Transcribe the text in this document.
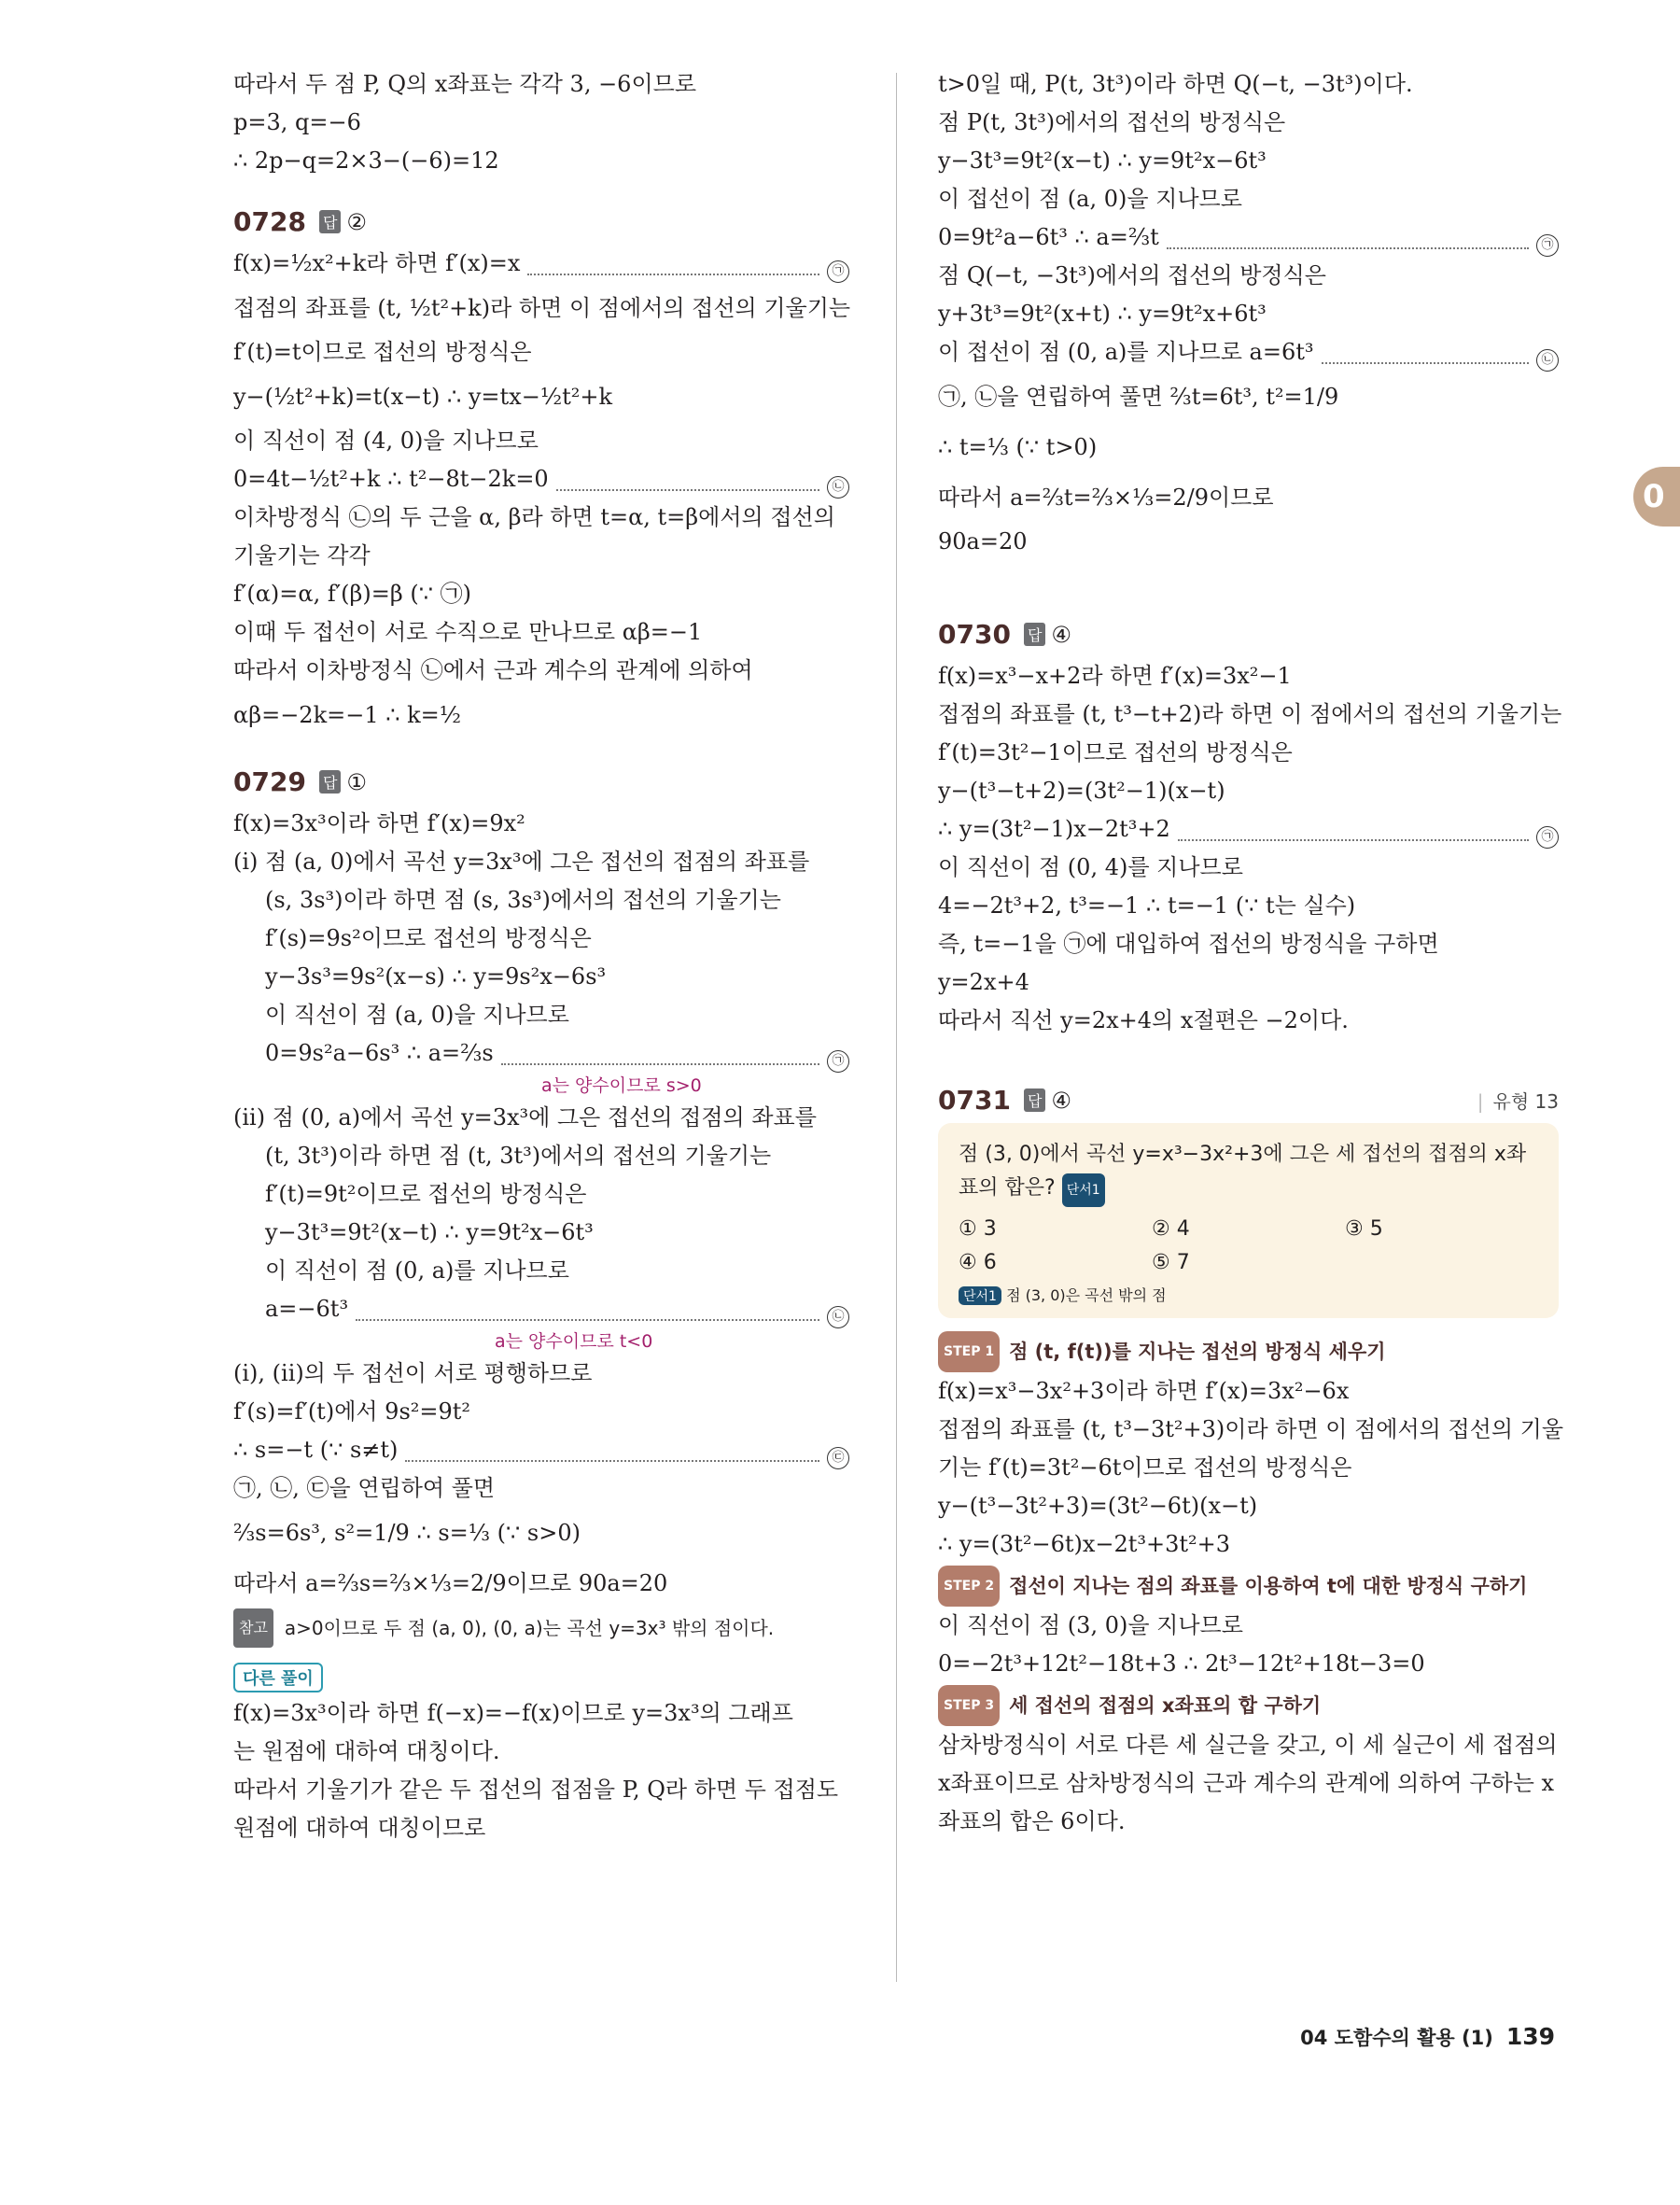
0
따라서 두 점 P, Q의 x좌표는 각각 3, −6이므로
p=3, q=−6
∴ 2p−q=2×3−(−6)=12
0728 답 ②
f(x)=½x²+k라 하면 f′(x)=x	㉠
접점의 좌표를 (t, ½t²+k)라 하면 이 점에서의 접선의 기울기는
f′(t)=t이므로 접선의 방정식은
y−(½t²+k)=t(x−t) ∴ y=tx−½t²+k
이 직선이 점 (4, 0)을 지나므로
0=4t−½t²+k ∴ t²−8t−2k=0	㉡
이차방정식 ㉡의 두 근을 α, β라 하면 t=α, t=β에서의 접선의
기울기는 각각
f′(α)=α, f′(β)=β (∵ ㉠)
이때 두 접선이 서로 수직으로 만나므로 αβ=−1
따라서 이차방정식 ㉡에서 근과 계수의 관계에 의하여
αβ=−2k=−1 ∴ k=½
0729 답 ①
f(x)=3x³이라 하면 f′(x)=9x²
(i) 점 (a, 0)에서 곡선 y=3x³에 그은 접선의 접점의 좌표를
(s, 3s³)이라 하면 점 (s, 3s³)에서의 접선의 기울기는
f′(s)=9s²이므로 접선의 방정식은
y−3s³=9s²(x−s) ∴ y=9s²x−6s³
이 직선이 점 (a, 0)을 지나므로
0=9s²a−6s³ ∴ a=⅔s	㉠
a는 양수이므로 s>0
(ii) 점 (0, a)에서 곡선 y=3x³에 그은 접선의 접점의 좌표를
(t, 3t³)이라 하면 점 (t, 3t³)에서의 접선의 기울기는
f′(t)=9t²이므로 접선의 방정식은
y−3t³=9t²(x−t) ∴ y=9t²x−6t³
이 직선이 점 (0, a)를 지나므로
a=−6t³	㉡
a는 양수이므로 t<0
(i), (ii)의 두 접선이 서로 평행하므로
f′(s)=f′(t)에서 9s²=9t²
∴ s=−t (∵ s≠t)	㉢
㉠, ㉡, ㉢을 연립하여 풀면
⅔s=6s³, s²=1/9 ∴ s=⅓ (∵ s>0)
따라서 a=⅔s=⅔×⅓=2/9이므로 90a=20
참고 a>0이므로 두 점 (a, 0), (0, a)는 곡선 y=3x³ 밖의 점이다.
다른 풀이
f(x)=3x³이라 하면 f(−x)=−f(x)이므로 y=3x³의 그래프
는 원점에 대하여 대칭이다.
따라서 기울기가 같은 두 접선의 접점을 P, Q라 하면 두 접점도
원점에 대하여 대칭이므로
t>0일 때, P(t, 3t³)이라 하면 Q(−t, −3t³)이다.
점 P(t, 3t³)에서의 접선의 방정식은
y−3t³=9t²(x−t) ∴ y=9t²x−6t³
이 접선이 점 (a, 0)을 지나므로
0=9t²a−6t³ ∴ a=⅔t	㉠
점 Q(−t, −3t³)에서의 접선의 방정식은
y+3t³=9t²(x+t) ∴ y=9t²x+6t³
이 접선이 점 (0, a)를 지나므로 a=6t³	㉡
㉠, ㉡을 연립하여 풀면 ⅔t=6t³, t²=1/9
∴ t=⅓ (∵ t>0)
따라서 a=⅔t=⅔×⅓=2/9이므로
90a=20
0730 답 ④
f(x)=x³−x+2라 하면 f′(x)=3x²−1
접점의 좌표를 (t, t³−t+2)라 하면 이 점에서의 접선의 기울기는
f′(t)=3t²−1이므로 접선의 방정식은
y−(t³−t+2)=(3t²−1)(x−t)
∴ y=(3t²−1)x−2t³+2	㉠
이 직선이 점 (0, 4)를 지나므로
4=−2t³+2, t³=−1 ∴ t=−1 (∵ t는 실수)
즉, t=−1을 ㉠에 대입하여 접선의 방정식을 구하면
y=2x+4
따라서 직선 y=2x+4의 x절편은 −2이다.
0731 답 ④
|	유형 13
점 (3, 0)에서 곡선 y=x³−3x²+3에 그은 세 접선의 접점의 x좌표의 합은? 단서1
① 3	② 4	③ 5
④ 6	⑤ 7
단서1 점 (3, 0)은 곡선 밖의 점
STEP 1 점 (t, f(t))를 지나는 접선의 방정식 세우기
f(x)=x³−3x²+3이라 하면 f′(x)=3x²−6x
접점의 좌표를 (t, t³−3t²+3)이라 하면 이 점에서의 접선의 기울
기는 f′(t)=3t²−6t이므로 접선의 방정식은
y−(t³−3t²+3)=(3t²−6t)(x−t)
∴ y=(3t²−6t)x−2t³+3t²+3
STEP 2 접선이 지나는 점의 좌표를 이용하여 t에 대한 방정식 구하기
이 직선이 점 (3, 0)을 지나므로
0=−2t³+12t²−18t+3 ∴ 2t³−12t²+18t−3=0
STEP 3 세 접선의 접점의 x좌표의 합 구하기
삼차방정식이 서로 다른 세 실근을 갖고, 이 세 실근이 세 접점의
x좌표이므로 삼차방정식의 근과 계수의 관계에 의하여 구하는 x
좌표의 합은 6이다.
04 도함수의 활용 (1) 139
